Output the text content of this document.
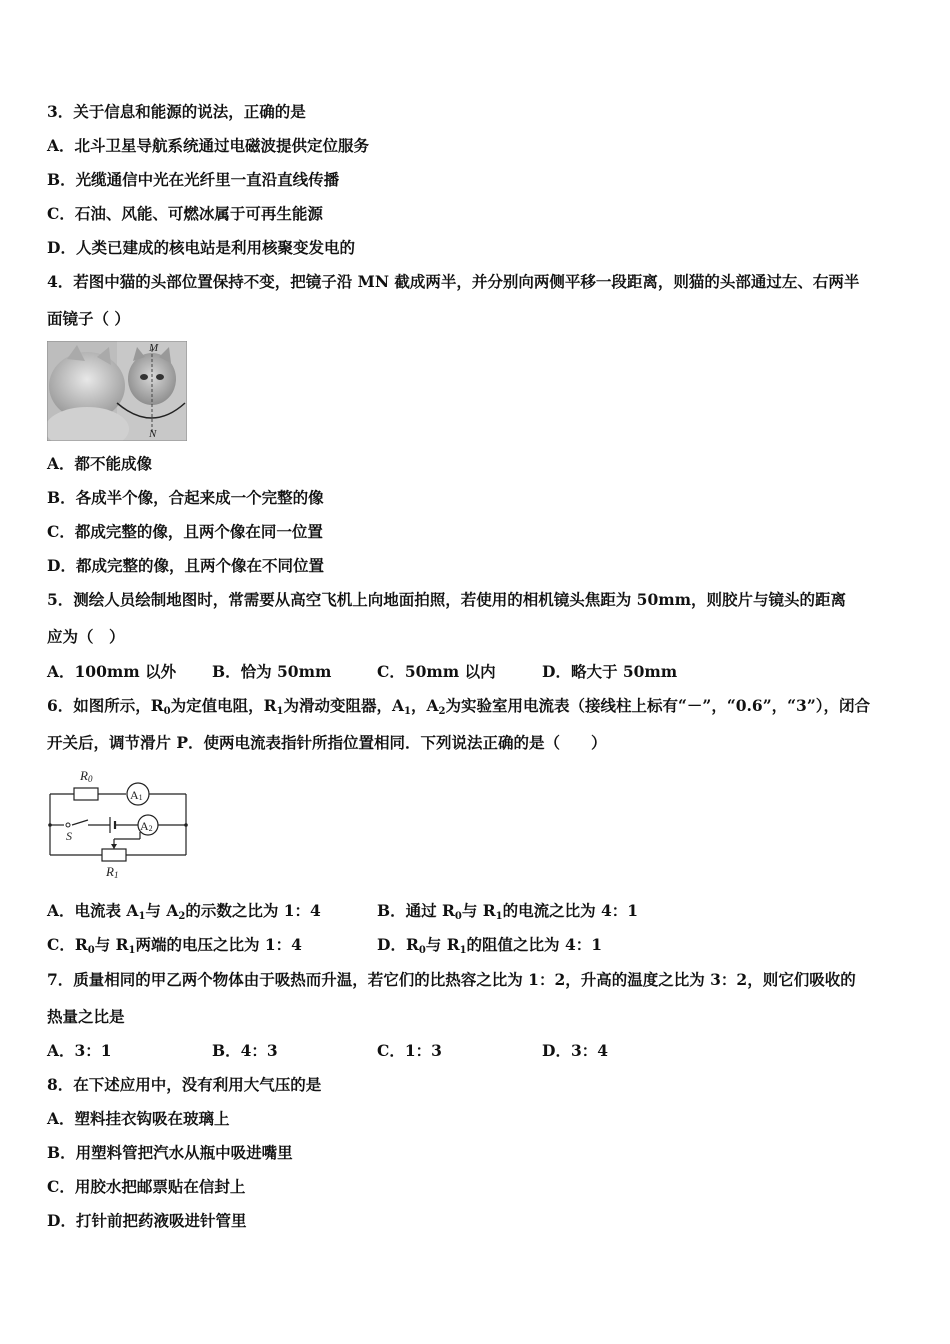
3．关于信息和能源的说法，正确的是
A．北斗卫星导航系统通过电磁波提供定位服务
B．光缆通信中光在光纤里一直沿直线传播
C．石油、风能、可燃冰属于可再生能源
D．人类已建成的核电站是利用核聚变发电的
4．若图中猫的头部位置保持不变，把镜子沿 MN 截成两半，并分别向两侧平移一段距离，则猫的头部通过左、右两半
面镜子（ ）
M
N
A．都不能成像
B．各成半个像，合起来成一个完整的像
C．都成完整的像，且两个像在同一位置
D．都成完整的像，且两个像在不同位置
5．测绘人员绘制地图时，常需要从高空飞机上向地面拍照，若使用的相机镜头焦距为 50mm，则胶片与镜头的距离
应为（　）
A．100mm 以外 B．恰为 50mm	C．50mm 以内	D．略大于 50mm
6．如图所示，$R_0$为定值电阻，$R_1$为滑动变阻器，$A_1$，$A_2$为实验室用电流表（接线柱上标有“－”，“0.6”，“3”），闭合
开关后，调节滑片 P．使两电流表指针所指位置相同．下列说法正确的是（　　）
R0
A1
A2
S
R1
A．电流表 $A_1$与 $A_2$的示数之比为 1：4	B．通过 $R_0$与 $R_1$的电流之比为 4：1
C．$R_0$与 $R_1$两端的电压之比为 1：4	D．$R_0$与 $R_1$的阻值之比为 4：1
7．质量相同的甲乙两个物体由于吸热而升温，若它们的比热容之比为 1：2，升高的温度之比为 3：2，则它们吸收的
热量之比是
A．3：1	B．4：3	C．1：3	D．3：4
8．在下述应用中，没有利用大气压的是
A．塑料挂衣钩吸在玻璃上
B．用塑料管把汽水从瓶中吸进嘴里
C．用胶水把邮票贴在信封上
D．打针前把药液吸进针管里
